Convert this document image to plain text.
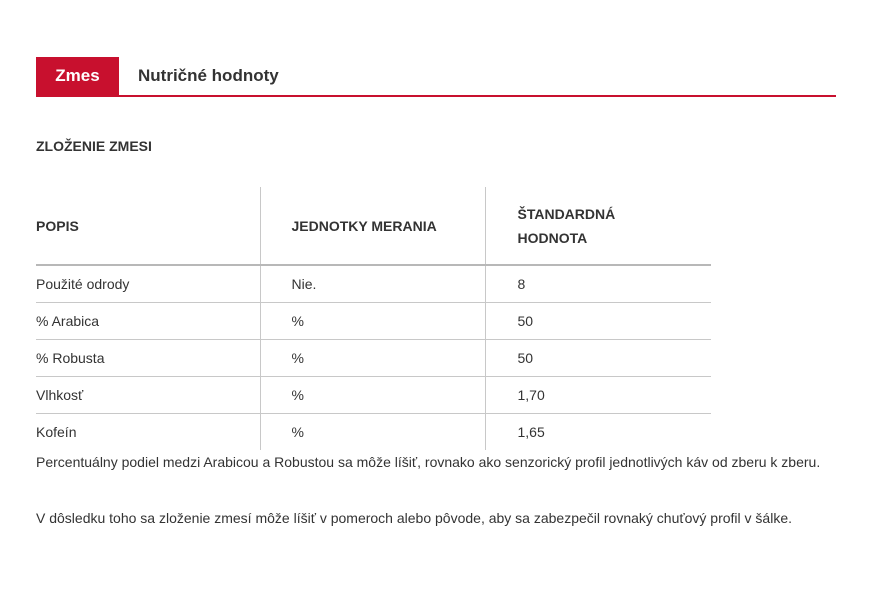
Zmes Nutričné hodnoty
ZLOŽENIE ZMESI
POPIS	JEDNOTKY MERANIA	ŠTANDARDNÁ HODNOTA

Použité odrody	Nie.	8
% Arabica	%	50
% Robusta	%	50
Vlhkosť	%	1,70
Kofeín	%	1,65

Percentuálny podiel medzi Arabicou a Robustou sa môže líšiť, rovnako ako senzorický profil jednotlivých káv od zberu k zberu.

V dôsledku toho sa zloženie zmesí môže líšiť v pomeroch alebo pôvode, aby sa zabezpečil rovnaký chuťový profil v šálke.
